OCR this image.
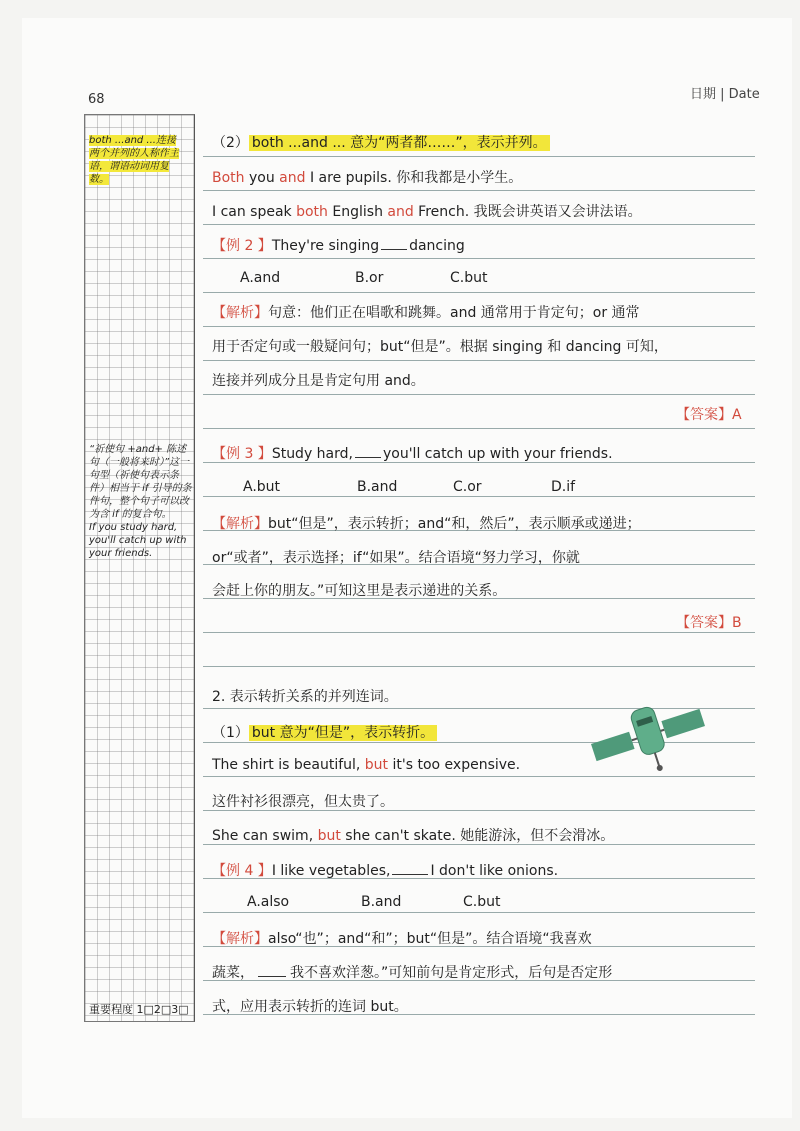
68	日期 | Date
both ...and ...连接两个并列的人称作主语，谓语动词用复数。
“祈使句 +and+ 陈述句（一般将来时）”这一句型（祈使句表示条件）相当于 if 引导的条件句，整个句子可以改为含 if 的复合句。
If you study hard, you'll catch up with your friends.
重要程度 1□2□3□
（2） both ...and ... 意为“两者都……”，表示并列。
Both you and I are pupils. 你和我都是小学生。
I can speak both English and French. 我既会讲英语又会讲法语。
【例 2 】They're singing dancing
A.and	B.or	C.but
【解析】句意：他们正在唱歌和跳舞。and 通常用于肯定句；or 通常
用于否定句或一般疑问句；but“但是”。根据 singing 和 dancing 可知，
连接并列成分且是肯定句用 and。
【答案】A
【例 3 】Study hard, you'll catch up with your friends.
A.but	B.and	C.or	D.if
【解析】but“但是”，表示转折；and“和，然后”，表示顺承或递进；
or“或者”，表示选择；if“如果”。结合语境“努力学习，你就
会赶上你的朋友。”可知这里是表示递进的关系。
【答案】B
2. 表示转折关系的并列连词。
（1） but 意为“但是”，表示转折。
The shirt is beautiful, but it's too expensive.
这件衬衫很漂亮，但太贵了。
She can swim, but she can't skate. 她能游泳，但不会滑冰。
【例 4 】I like vegetables,	I don't like onions.
A.also	B.and	C.but
【解析】also“也”；and“和”；but“但是”。结合语境“我喜欢
蔬菜，	我不喜欢洋葱。”可知前句是肯定形式，后句是否定形
式，应用表示转折的连词 but。
